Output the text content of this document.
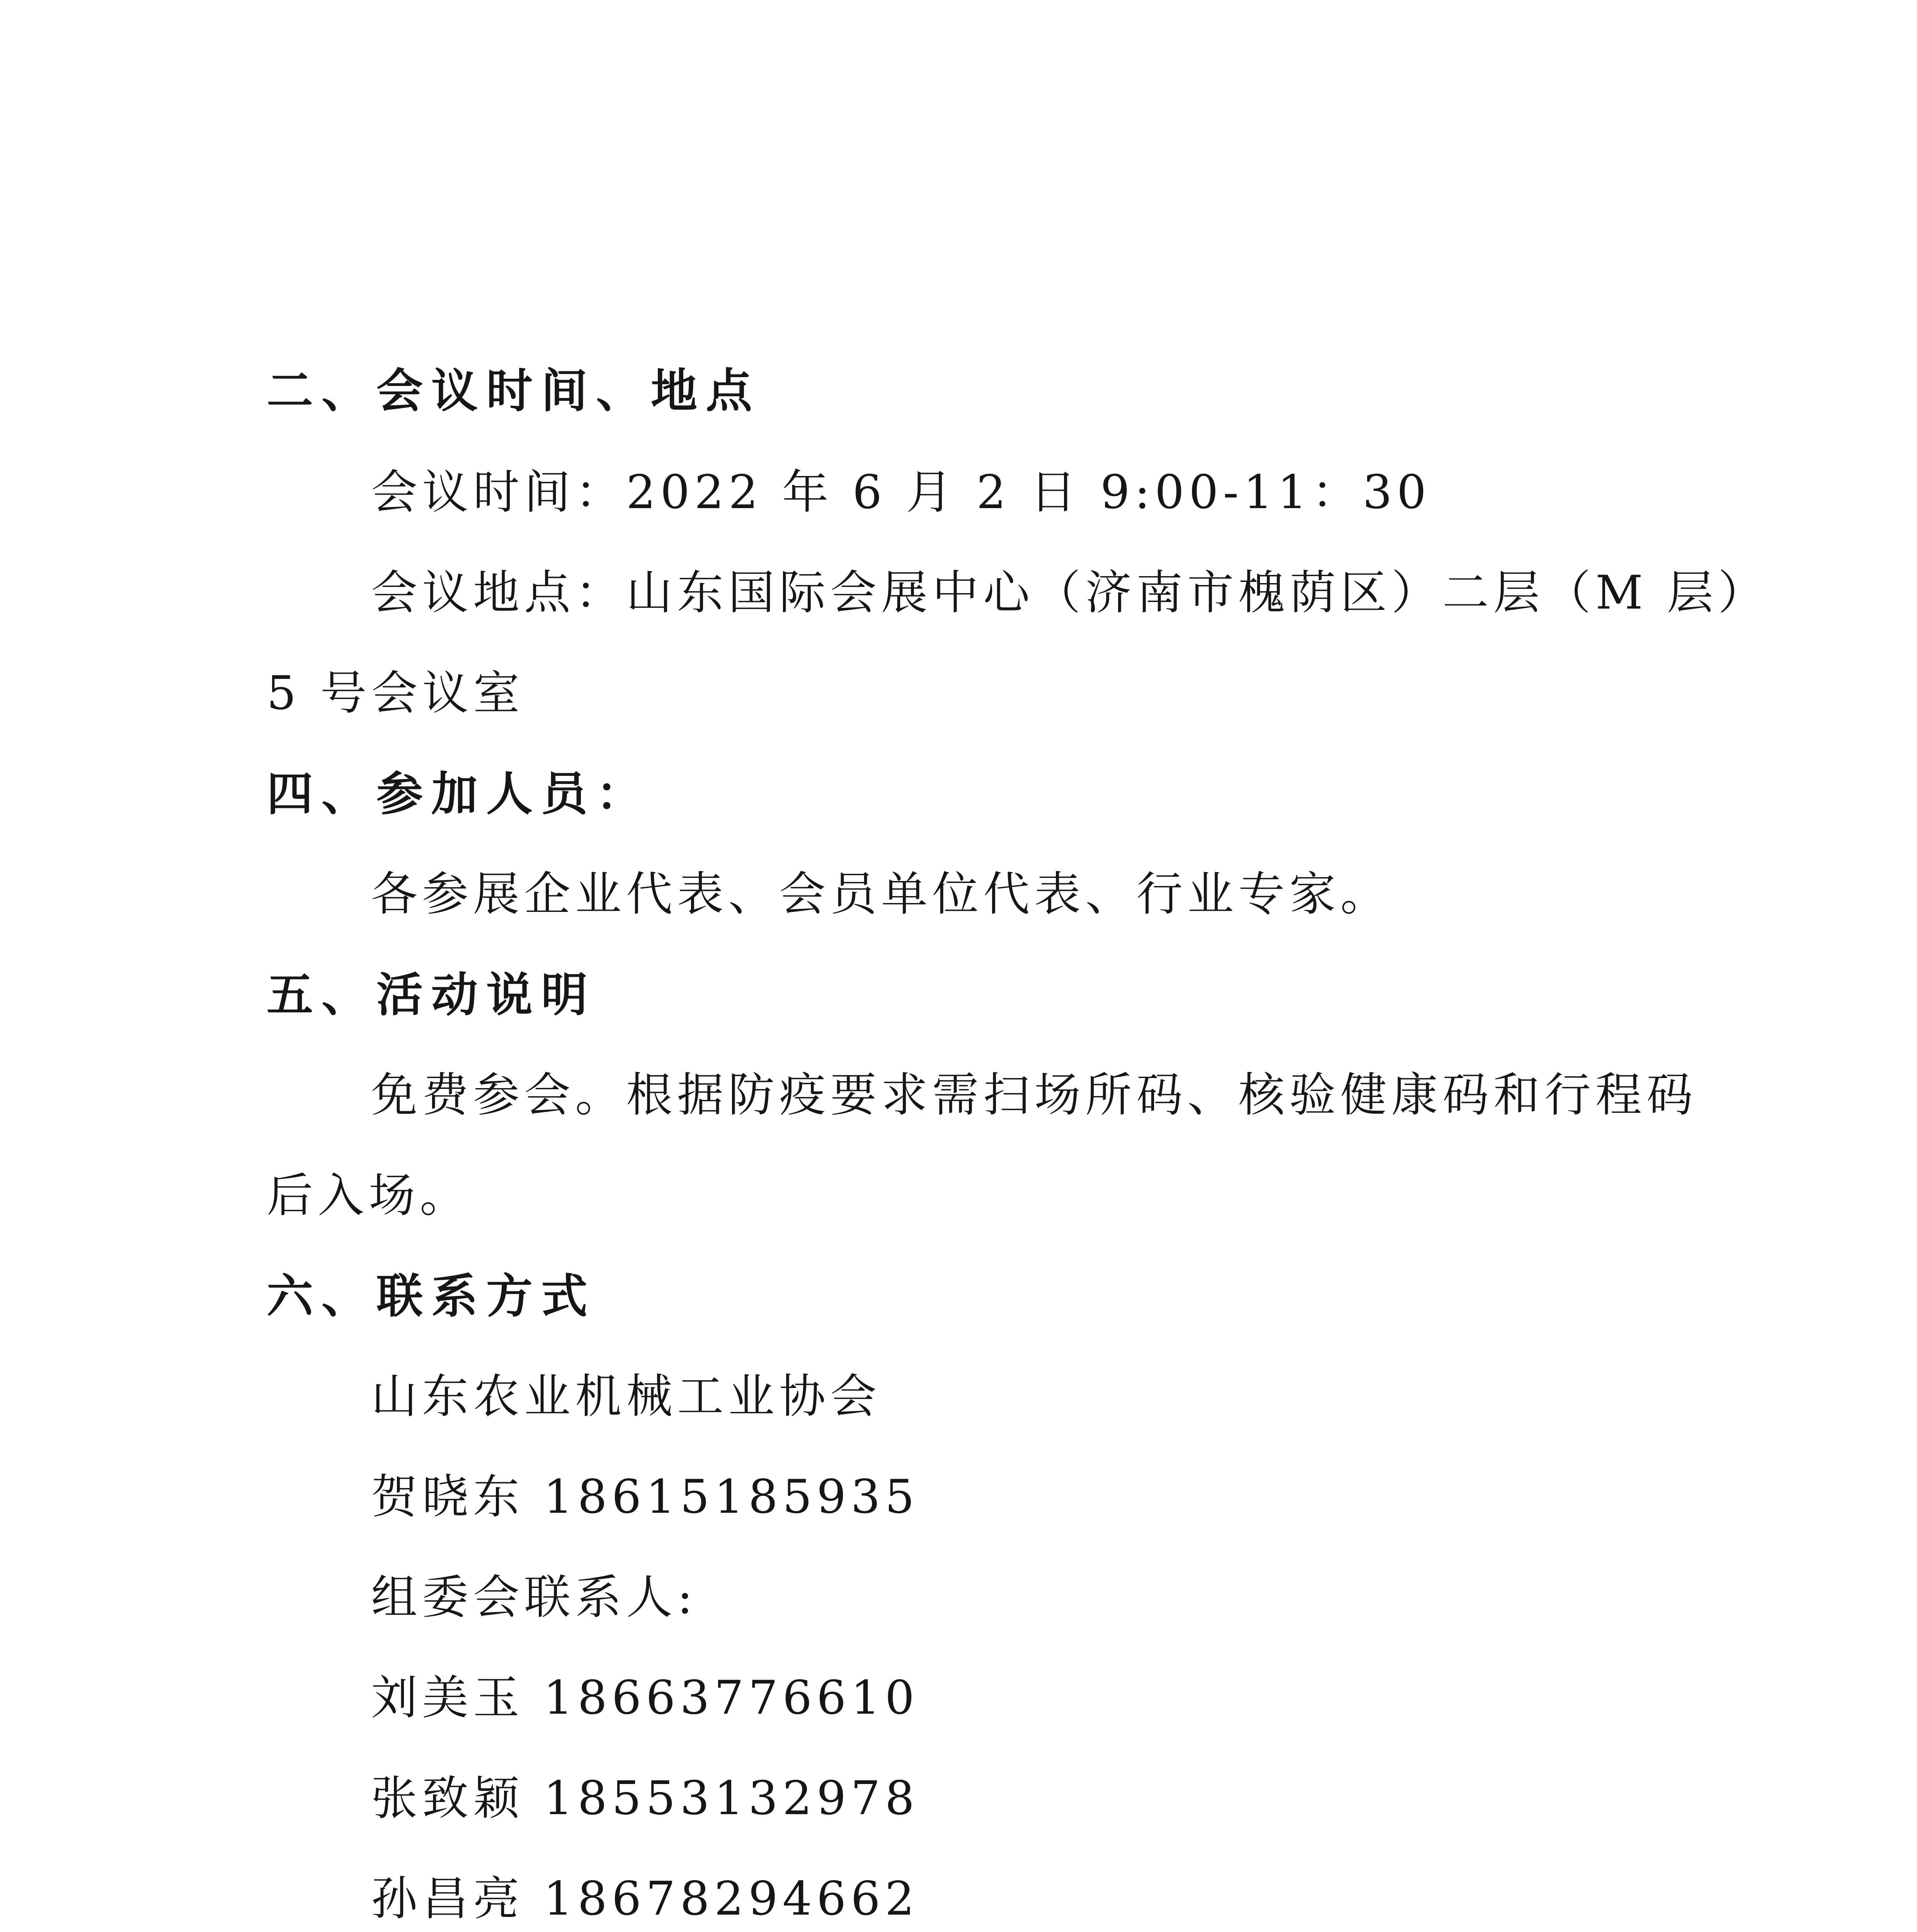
二、会议时间、地点
会议时间：2022 年 6 月 2 日 9:00-11：30
会议地点：山东国际会展中心（济南市槐荫区）二层（M 层）
5 号会议室
四、参加人员：
各参展企业代表、会员单位代表、行业专家。
五、活动说明
免费参会。根据防疫要求需扫场所码、核验健康码和行程码
后入场。
六、联系方式
山东农业机械工业协会
贺晓东 18615185935
组委会联系人:
刘美玉 18663776610
张致颖 18553132978
孙昌亮 18678294662
